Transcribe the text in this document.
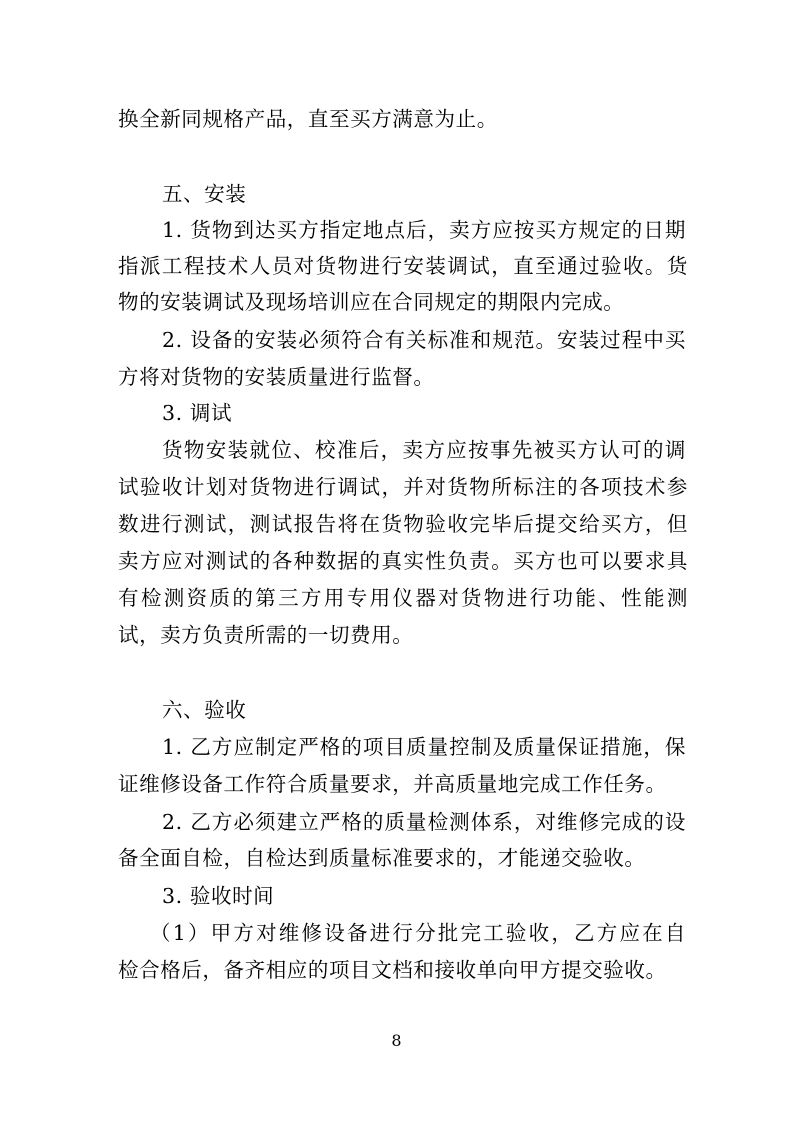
换全新同规格产品，直至买方满意为止。
五、安装
1. 货物到达买方指定地点后，卖方应按买方规定的日期
指派工程技术人员对货物进行安装调试，直至通过验收。货
物的安装调试及现场培训应在合同规定的期限内完成。
2. 设备的安装必须符合有关标准和规范。安装过程中买
方将对货物的安装质量进行监督。
3. 调试
货物安装就位、校准后，卖方应按事先被买方认可的调
试验收计划对货物进行调试，并对货物所标注的各项技术参
数进行测试，测试报告将在货物验收完毕后提交给买方，但
卖方应对测试的各种数据的真实性负责。买方也可以要求具
有检测资质的第三方用专用仪器对货物进行功能、性能测
试，卖方负责所需的一切费用。
六、验收
1. 乙方应制定严格的项目质量控制及质量保证措施，保
证维修设备工作符合质量要求，并高质量地完成工作任务。
2. 乙方必须建立严格的质量检测体系，对维修完成的设
备全面自检，自检达到质量标准要求的，才能递交验收。
3. 验收时间
（1）甲方对维修设备进行分批完工验收，乙方应在自
检合格后，备齐相应的项目文档和接收单向甲方提交验收。
8
